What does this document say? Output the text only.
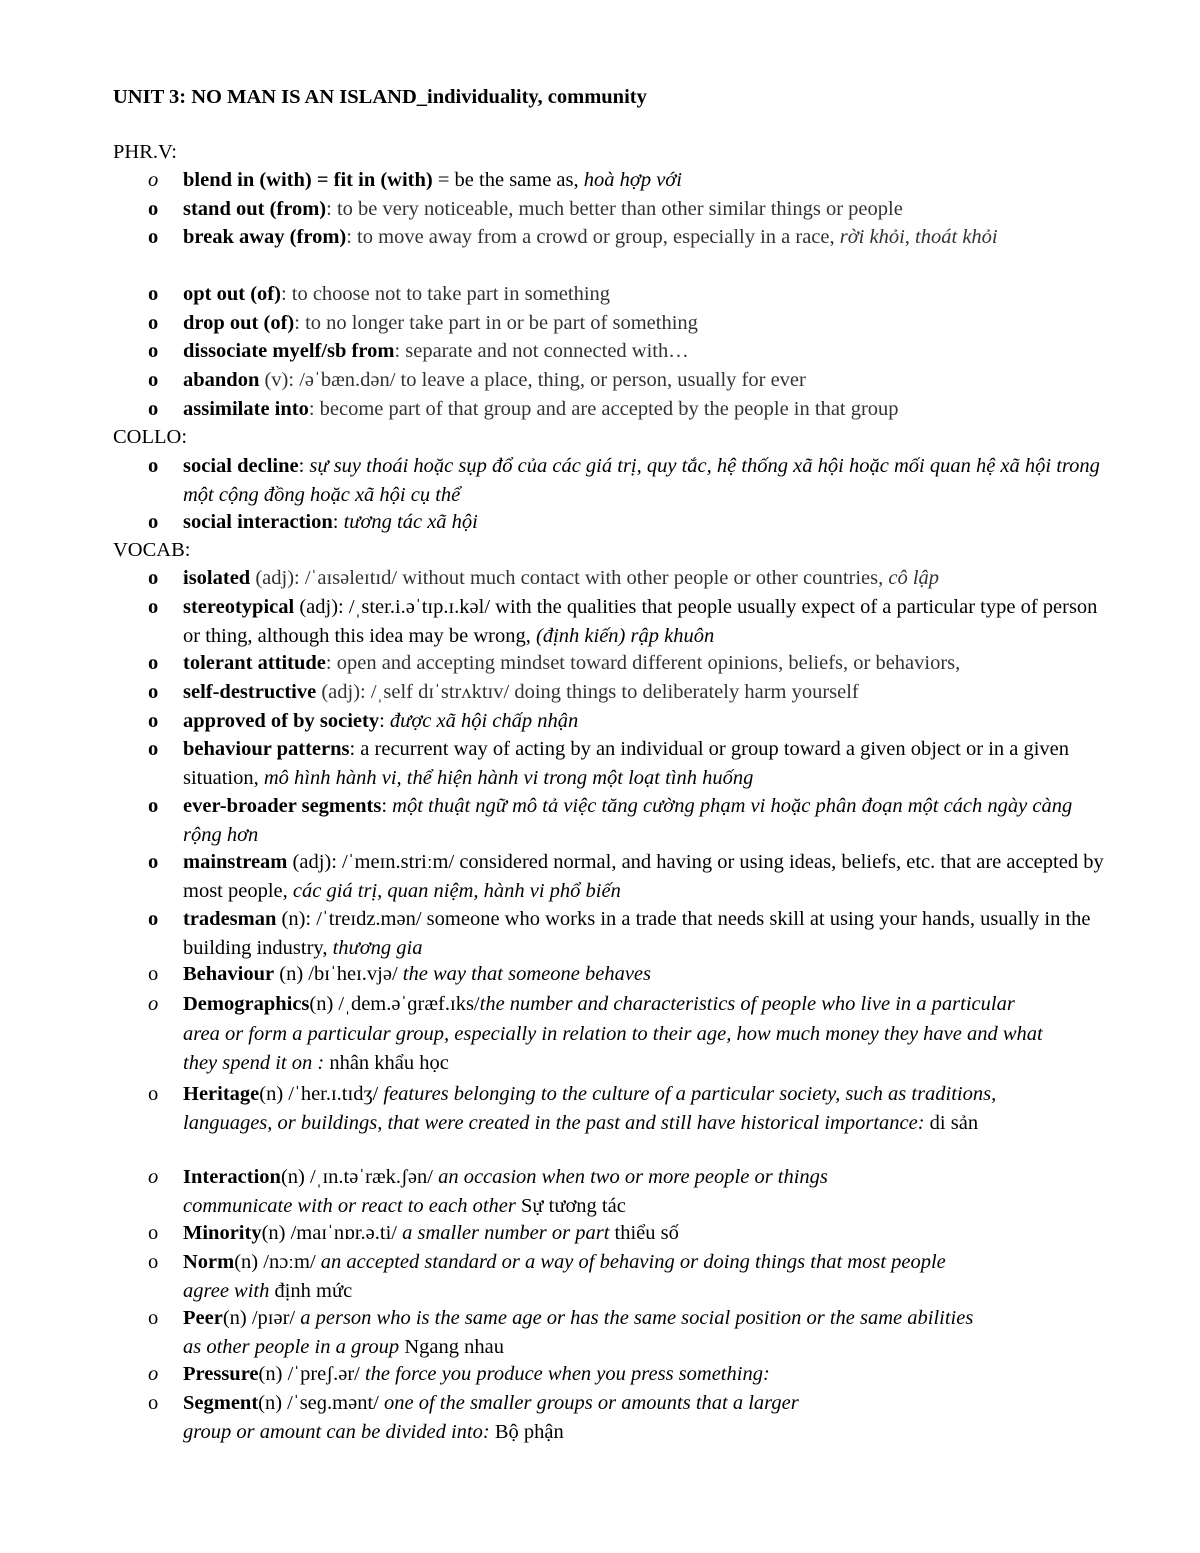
UNIT 3: NO MAN IS AN ISLAND_individuality, community
PHR.V:
o	blend in (with) = fit in (with) = be the same as, hoà hợp với
o	stand out (from): to be very noticeable, much better than other similar things or people
o	break away (from): to move away from a crowd or group, especially in a race, rời khỏi, thoát khỏi
o	opt out (of): to choose not to take part in something
o	drop out (of): to no longer take part in or be part of something
o	dissociate myelf/sb from: separate and not connected with…
o	abandon (v): /əˈbæn.dən/ to leave a place, thing, or person, usually for ever
o	assimilate into: become part of that group and are accepted by the people in that group
COLLO:
o	social decline: sự suy thoái hoặc sụp đổ của các giá trị, quy tắc, hệ thống xã hội hoặc mối quan hệ xã hội trong một cộng đồng hoặc xã hội cụ thể
o	social interaction: tương tác xã hội
VOCAB:
o	isolated (adj): /ˈaɪsəleɪtɪd/ without much contact with other people or other countries, cô lập
o	stereotypical (adj): /ˌster.i.əˈtɪp.ɪ.kəl/ with the qualities that people usually expect of a particular type of person or thing, although this idea may be wrong, (định kiến) rập khuôn
o	tolerant attitude: open and accepting mindset toward different opinions, beliefs, or behaviors,
o	self-destructive (adj): /ˌself dɪˈstrʌktɪv/ doing things to deliberately harm yourself
o	approved of by society: được xã hội chấp nhận
o	behaviour patterns: a recurrent way of acting by an individual or group toward a given object or in a given situation, mô hình hành vi, thể hiện hành vi trong một loạt tình huống
o	ever-broader segments: một thuật ngữ mô tả việc tăng cường phạm vi hoặc phân đoạn một cách ngày càng rộng hơn
o	mainstream (adj): /ˈmeɪn.striːm/ considered normal, and having or using ideas, beliefs, etc. that are accepted by most people, các giá trị, quan niệm, hành vi phổ biến
o	tradesman (n): /ˈtreɪdz.mən/ someone who works in a trade that needs skill at using your hands, usually in the building industry, thương gia
o	Behaviour (n) /bɪˈheɪ.vjə/ the way that someone behaves
o	Demographics(n) /ˌdem.əˈɡræf.ɪks/the number and characteristics of people who live in a particular area or form a particular group, especially in relation to their age, how much money they have and what they spend it on : nhân khẩu học
o	Heritage(n) /ˈher.ɪ.tɪdʒ/ features belonging to the culture of a particular society, such as traditions, languages, or buildings, that were created in the past and still have historical importance: di sản
o	Interaction(n) /ˌɪn.təˈræk.ʃən/ an occasion when two or more people or things communicate with or react to each other Sự tương tác
o	Minority(n) /maɪˈnɒr.ə.ti/ a smaller number or part thiểu số
o	Norm(n) /nɔːm/ an accepted standard or a way of behaving or doing things that most people agree with định mức
o	Peer(n) /pɪər/ a person who is the same age or has the same social position or the same abilities as other people in a group Ngang nhau
o	Pressure(n) /ˈpreʃ.ər/ the force you produce when you press something:
o	Segment(n) /ˈseɡ.mənt/ one of the smaller groups or amounts that a larger group or amount can be divided into: Bộ phận
